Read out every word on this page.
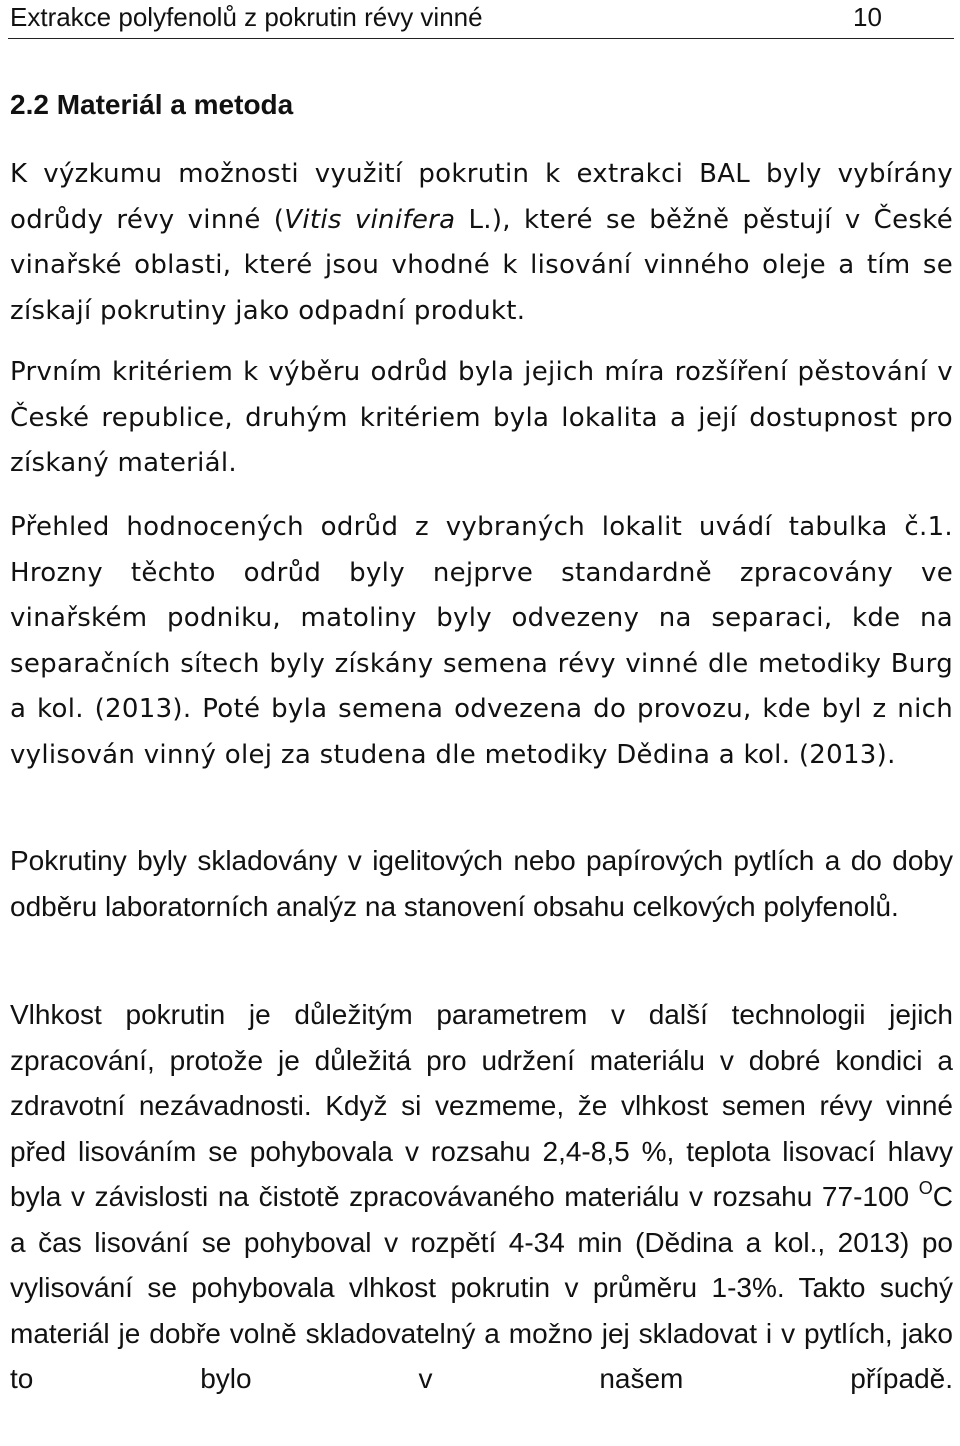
Extrakce polyfenolů z pokrutin révy vinné	10
2.2 Materiál a metoda

K výzkumu možnosti využití pokrutin k extrakci BAL byly vybírány odrůdy révy vinné (Vitis vinifera L.), které se běžně pěstují v České vinařské oblasti, které jsou vhodné k lisování vinného oleje a tím se získají pokrutiny jako odpadní produkt.

Prvním kritériem k výběru odrůd byla jejich míra rozšíření pěstování v České republice, druhým kritériem byla lokalita a její dostupnost pro získaný materiál.

Přehled hodnocených odrůd z vybraných lokalit uvádí tabulka č.1. Hrozny těchto odrůd byly nejprve standardně zpracovány ve vinařském podniku, matoliny byly odvezeny na separaci, kde na separačních sítech byly získány semena révy vinné dle metodiky Burg a kol. (2013). Poté byla semena odvezena do provozu, kde byl z nich vylisován vinný olej za studena dle metodiky Dědina a kol. (2013).

Pokrutiny byly skladovány v igelitových nebo papírových pytlích a do doby odběru laboratorních analýz na stanovení obsahu celkových polyfenolů.

Vlhkost pokrutin je důležitým parametrem v další technologii jejich zpracování, protože je důležitá pro udržení materiálu v dobré kondici a zdravotní nezávadnosti. Když si vezmeme, že vlhkost semen révy vinné před lisováním se pohybovala v rozsahu 2,4-8,5 %, teplota lisovací hlavy byla v závislosti na čistotě zpracovávaného materiálu v rozsahu 77-100 $^O$C a čas lisování se pohyboval v rozpětí 4-34 min (Dědina a kol., 2013) po vylisování se pohybovala vlhkost pokrutin v průměru 1-3%. Takto suchý materiál je dobře volně skladovatelný a možno jej skladovat i v pytlích, jako to bylo v našem případě.
